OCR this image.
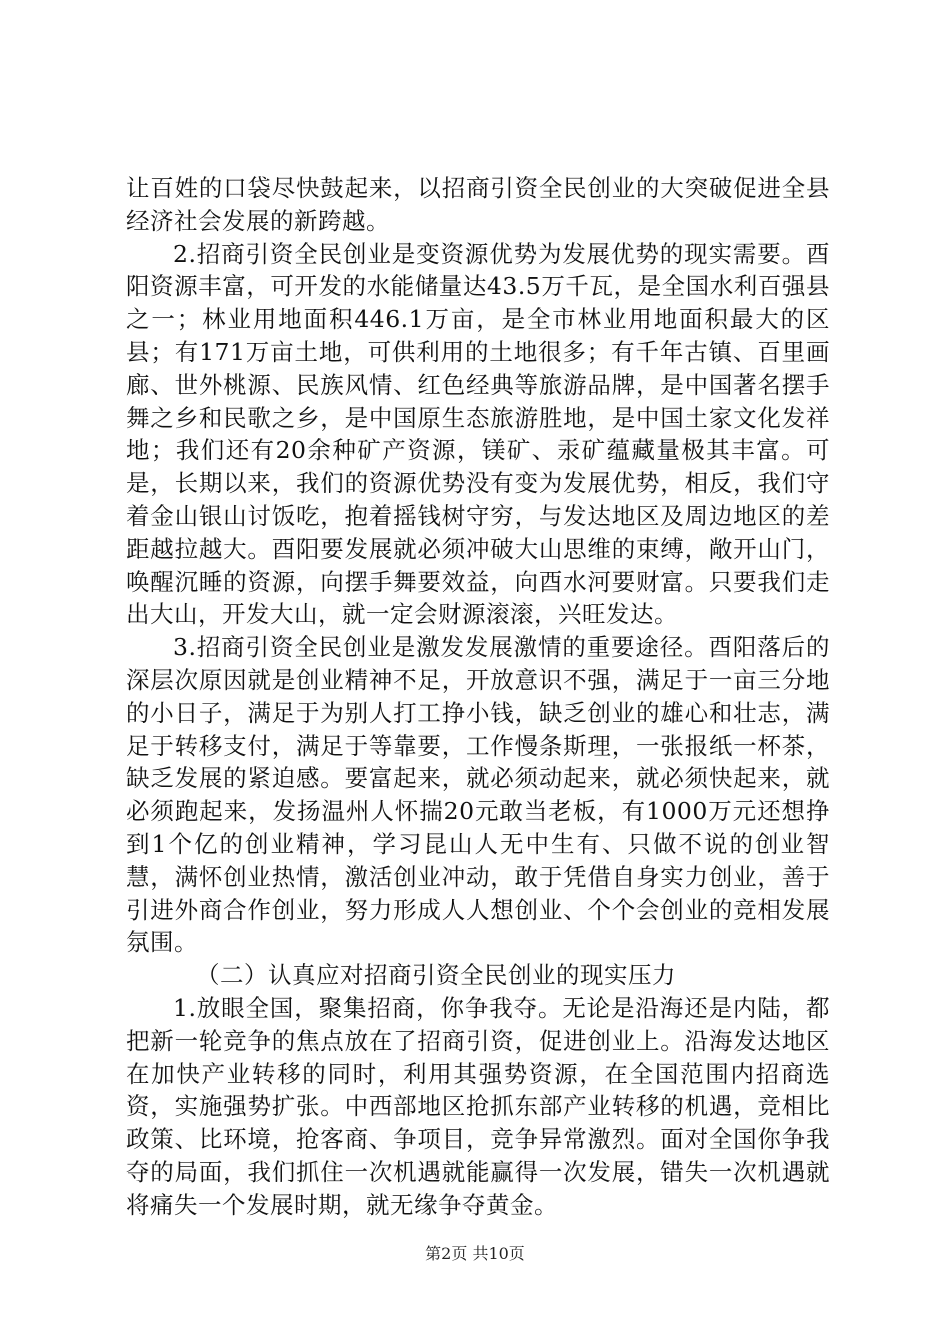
让百姓的口袋尽快鼓起来，以招商引资全民创业的大突破促进全县经济社会发展的新跨越。

2.招商引资全民创业是变资源优势为发展优势的现实需要。酉阳资源丰富，可开发的水能储量达43.5万千瓦，是全国水利百强县之一；林业用地面积446.1万亩，是全市林业用地面积最大的区县；有171万亩土地，可供利用的土地很多；有千年古镇、百里画廊、世外桃源、民族风情、红色经典等旅游品牌，是中国著名摆手舞之乡和民歌之乡，是中国原生态旅游胜地，是中国土家文化发祥地；我们还有20余种矿产资源，镁矿、汞矿蕴藏量极其丰富。可是，长期以来，我们的资源优势没有变为发展优势，相反，我们守着金山银山讨饭吃，抱着摇钱树守穷，与发达地区及周边地区的差距越拉越大。酉阳要发展就必须冲破大山思维的束缚，敞开山门，唤醒沉睡的资源，向摆手舞要效益，向酉水河要财富。只要我们走出大山，开发大山，就一定会财源滚滚，兴旺发达。

3.招商引资全民创业是激发发展激情的重要途径。酉阳落后的深层次原因就是创业精神不足，开放意识不强，满足于一亩三分地的小日子，满足于为别人打工挣小钱，缺乏创业的雄心和壮志，满足于转移支付，满足于等靠要，工作慢条斯理，一张报纸一杯茶，缺乏发展的紧迫感。要富起来，就必须动起来，就必须快起来，就必须跑起来，发扬温州人怀揣20元敢当老板，有1000万元还想挣到1个亿的创业精神，学习昆山人无中生有、只做不说的创业智慧，满怀创业热情，激活创业冲动，敢于凭借自身实力创业，善于引进外商合作创业，努力形成人人想创业、个个会创业的竞相发展氛围。

（二）认真应对招商引资全民创业的现实压力

1.放眼全国，聚集招商，你争我夺。无论是沿海还是内陆，都把新一轮竞争的焦点放在了招商引资，促进创业上。沿海发达地区在加快产业转移的同时，利用其强势资源，在全国范围内招商选资，实施强势扩张。中西部地区抢抓东部产业转移的机遇，竞相比政策、比环境，抢客商、争项目，竞争异常激烈。面对全国你争我夺的局面，我们抓住一次机遇就能赢得一次发展，错失一次机遇就将痛失一个发展时期，就无缘争夺黄金。

第2页 共10页
